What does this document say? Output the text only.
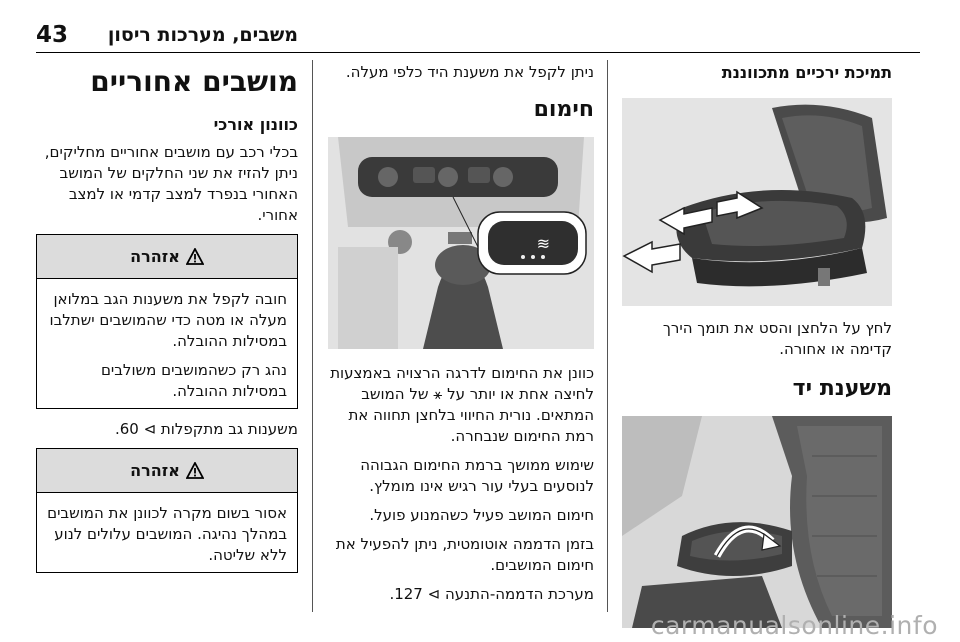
43 משבים, מערכות ריסון
תמיכת ירכיים מתכווננת
לחץ על הלחצן והסט את תומך הירך קדימה או אחורה.
משענת יד
ניתן לקפל את משענת היד כלפי מעלה.
חימום
≋
כוונן את החימום לדרגה הרצויה באמצעות לחיצה אחת או יותר על ⚹ של המושב המתאים. נורית החיווי בלחצן תחווה את רמת החימום שנבחרה.
שימוש ממושך ברמת החימום הגבוהה לנוסעים בעלי עור רגיש אינו מומלץ.
חימום המושב פעיל כשהמנוע פועל.
בזמן הדממה אוטומטית, ניתן להפעיל את חימום המושבים.
מערכת הדממה-התנעה ⊳ 127.
מושבים אחוריים
כוונון אורכי
בכלי רכב עם מושבים אחוריים מחליקים, ניתן להזיז את שני החלקים של המושב האחורי בנפרד למצב קדמי או למצב אחורי.
אזהרה
חובה לקפל את משענות הגב במלואן מעלה או מטה כדי שהמושבים ישתלבו במסילות ההובלה.
נהג רק כשהמושבים משולבים במסילות ההובלה.
משענות גב מתקפלות ⊳ 60.
אזהרה
אסור בשום מקרה לכוונן את המושבים במהלך נהיגה. המושבים עלולים לנוע ללא שליטה.
carmanualsonline.info
